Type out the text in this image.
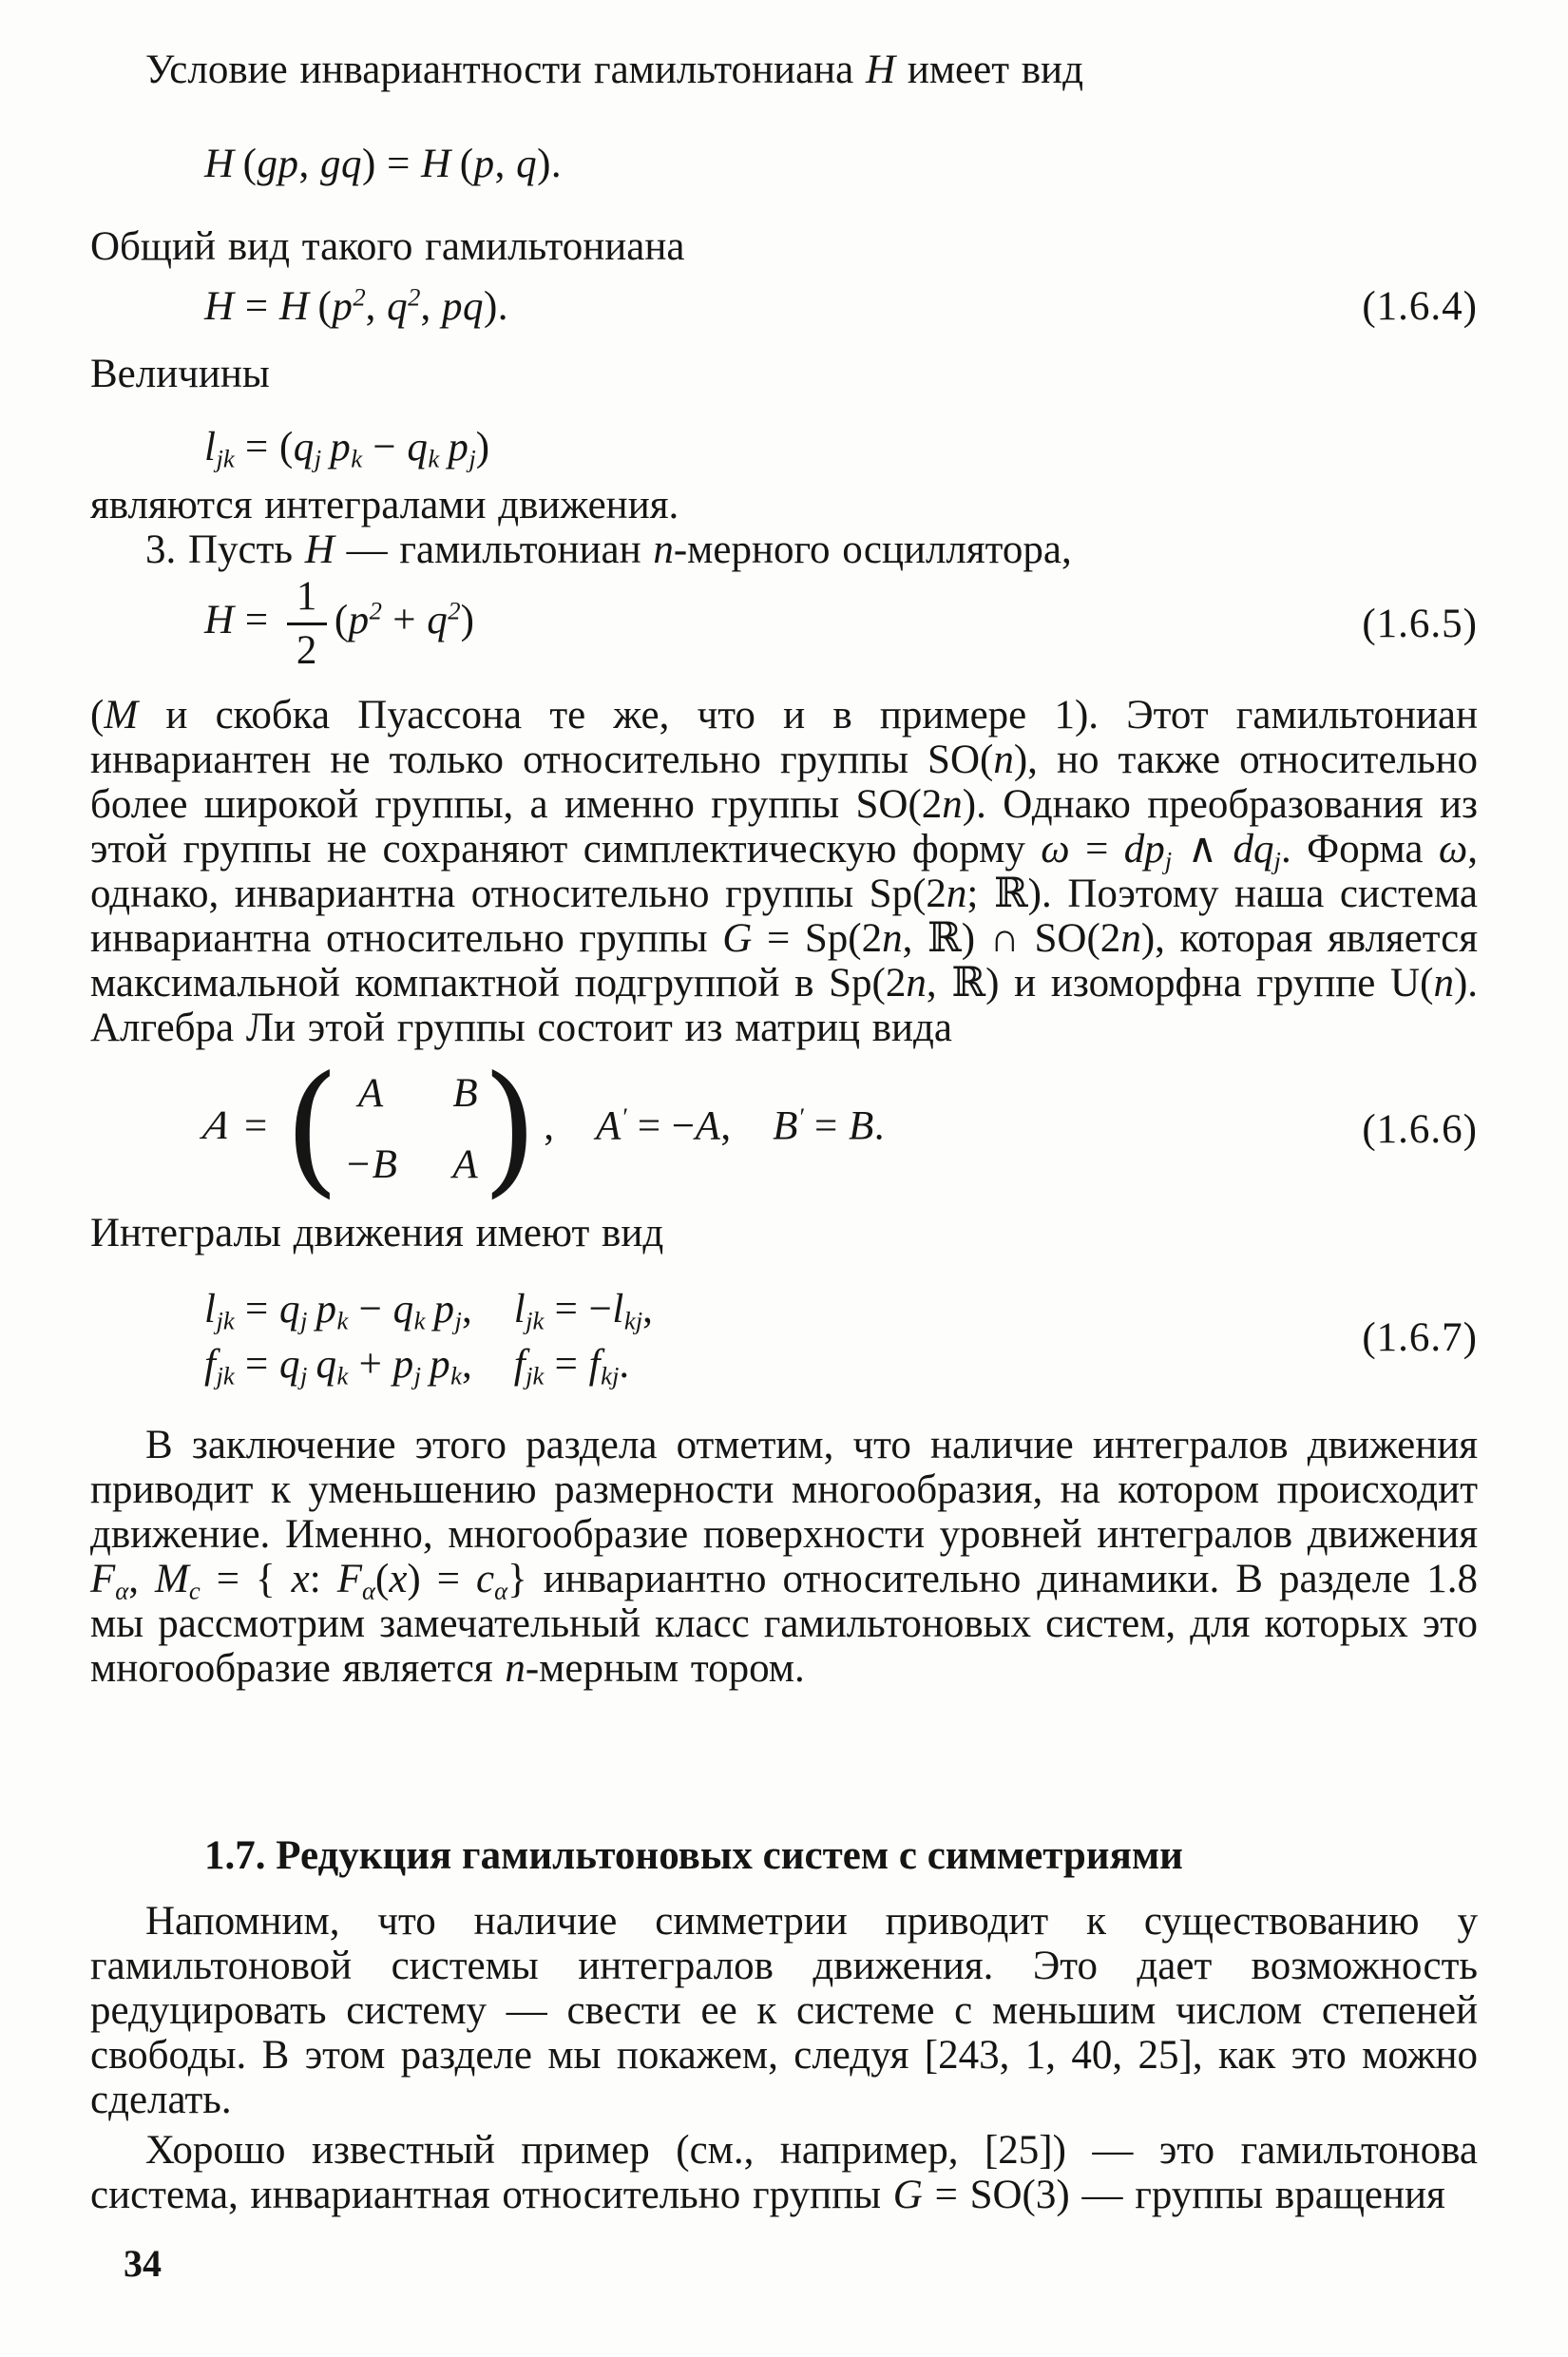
Условие инвариантности гамильтониана H имеет вид

H (gp, gq) = H (p, q).

Общий вид такого гамильтониана

H = H ($p^2$, $q^2$, pq).	(1.6.4)

Величины

$l_{jk} = (q_j$  $p_k - q_k$  $p_j$)

являются интегралами движения.

3. Пусть H — гамильтониан n-мерного осциллятора,

$H = \frac{1}{2} (p^2 + q^2)$	(1.6.5)

(M и скобка Пуассона те же, что и в примере 1). Этот гамильтониан инвариантен не только относительно группы SO(n), но также относительно более широкой группы, а именно группы SO(2n). Однако преобразования из этой группы не сохраняют симплектическую форму $\omega = dp_j$ ∧ $dq_j$. Форма ω, однако, инвариантна относительно группы Sp(2n; ℝ). Поэтому наша система инвариантна относительно группы G = Sp(2n, ℝ) ∩ SO(2n), которая является максимальной компактной подгруппой в Sp(2n, ℝ) и изоморфна группе U(n). Алгебра Ли этой группы состоит из матриц вида

A = ( A	B
−B A ) , A′ = −A, B′ = B.	(1.6.6)

Интегралы движения имеют вид

$l_{jk} = q_j$  $p_k - q_k$  $p_j$, $l_{jk} = -l_{kj}$,
$f_{jk} = q_j$  $q_k + p_j$  $p_k$, $f_{jk} = f_{kj}$.
(1.6.7)

В заключение этого раздела отметим, что наличие интегралов движения приводит к уменьшению размерности многообразия, на котором происходит движение. Именно, многообразие поверхности уровней интегралов движения $F_\alpha$, $M_c$ = { x: $F_\alpha(x) = c_\alpha$} инвариантно относительно динамики. В разделе 1.8 мы рассмотрим замечательный класс гамильтоновых систем, для которых это многообразие является n-мерным тором.

1.7. Редукция гамильтоновых систем с симметриями

Напомним, что наличие симметрии приводит к существованию у гамильтоновой системы интегралов движения. Это дает возможность редуцировать систему — свести ее к системе с меньшим числом степеней свободы. В этом разделе мы покажем, следуя [243, 1, 40, 25], как это можно сделать.

Хорошо известный пример (см., например, [25]) — это гамильтонова система, инвариантная относительно группы G = SO(3) — группы вращения

34
